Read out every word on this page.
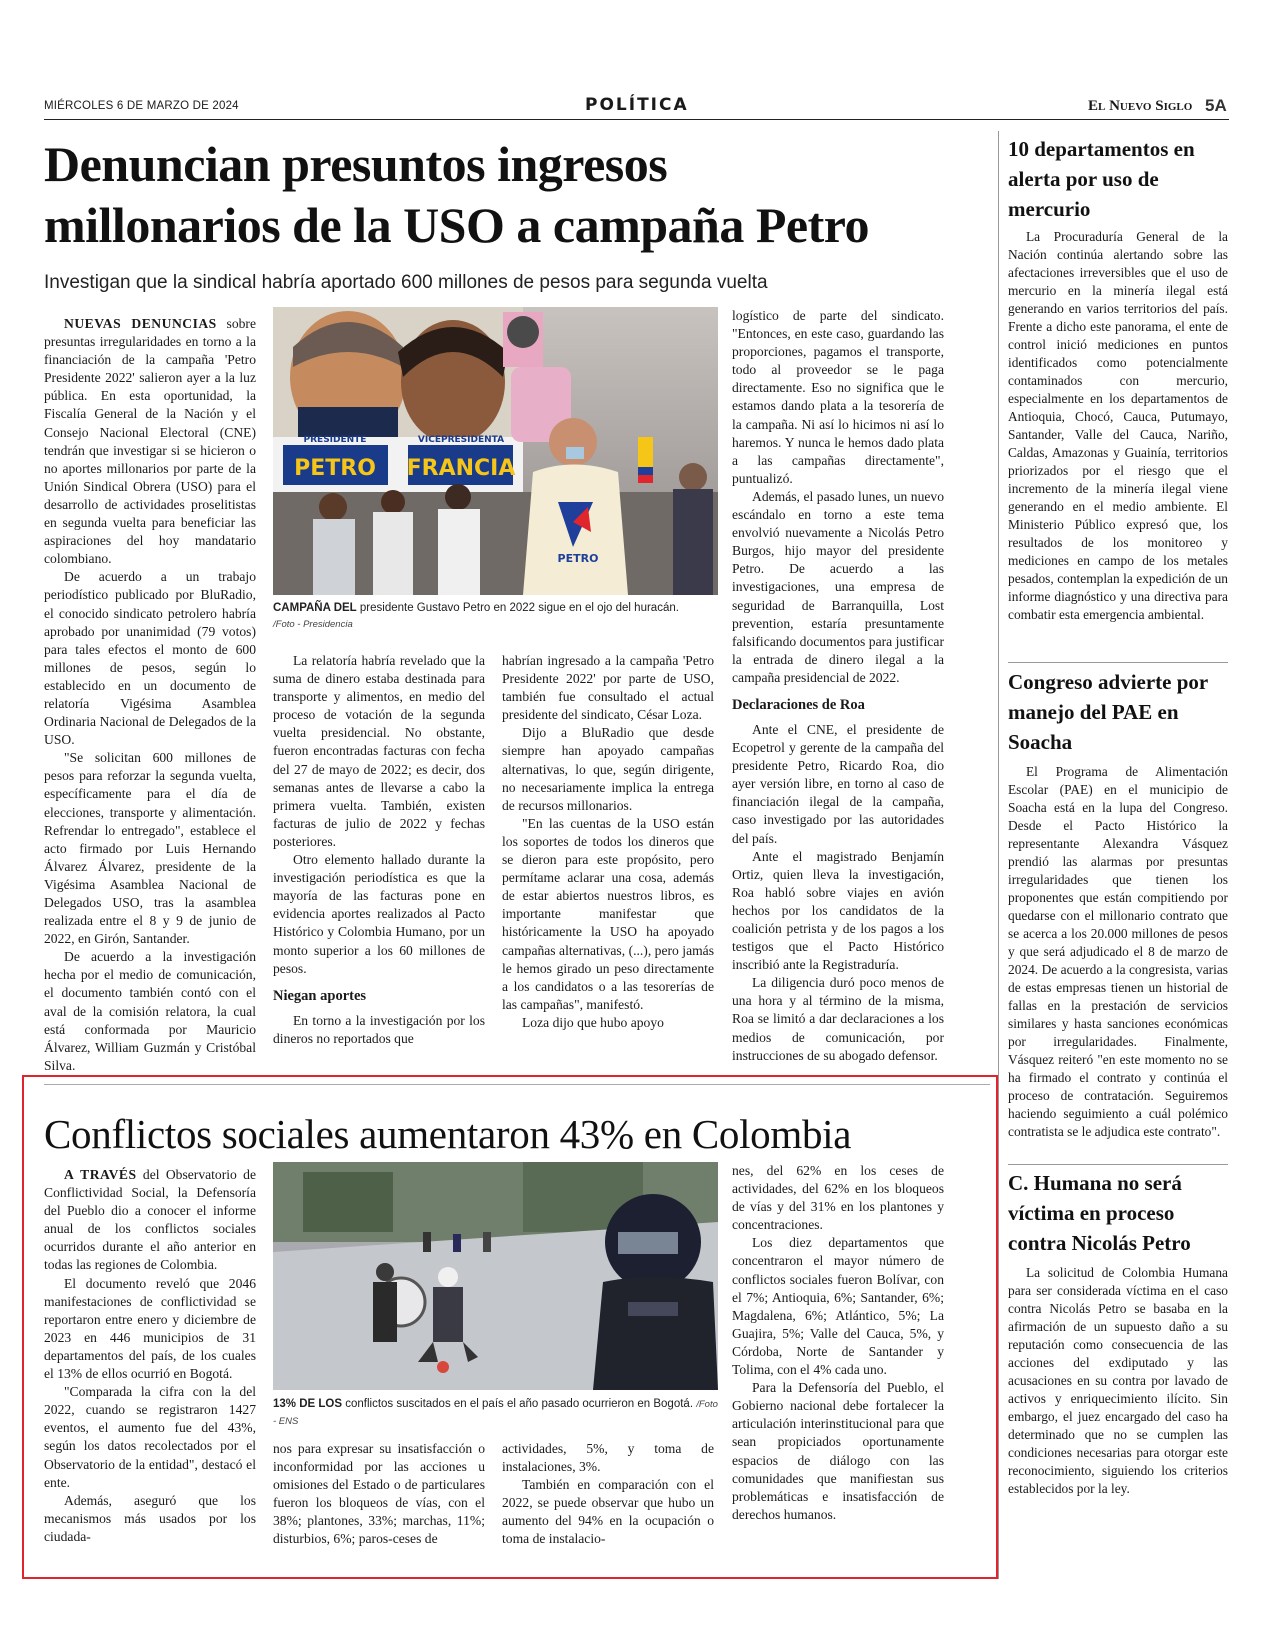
MIÉRCOLES 6 DE MARZO DE 2024	POLÍTICA	El Nuevo Siglo 5A
Denuncian presuntos ingresos
millonarios de la USO a campaña Petro
Investigan que la sindical habría aportado 600 millones de pesos para segunda vuelta

NUEVAS DENUNCIAS sobre presuntas irregularidades en torno a la financiación de la campaña 'Petro Presidente 2022' salieron ayer a la luz pública. En esta oportunidad, la Fiscalía General de la Nación y el Consejo Nacional Electoral (CNE) tendrán que investigar si se hicieron o no aportes millonarios por parte de la Unión Sindical Obrera (USO) para el desarrollo de actividades proselitistas en segunda vuelta para beneficiar las aspiraciones del hoy mandatario colombiano.

De acuerdo a un trabajo periodístico publicado por BluRadio, el conocido sindicato petrolero habría aprobado por unanimidad (79 votos) para tales efectos el monto de 600 millones de pesos, según lo establecido en un documento de relatoría Vigésima Asamblea Ordinaria Nacional de Delegados de la USO.

"Se solicitan 600 millones de pesos para reforzar la segunda vuelta, específicamente para el día de elecciones, transporte y alimentación. Refrendar lo entregado", establece el acto firmado por Luis Hernando Álvarez Álvarez, presidente de la Vigésima Asamblea Nacional de Delegados USO, tras la asamblea realizada entre el 8 y 9 de junio de 2022, en Girón, Santander.

De acuerdo a la investigación hecha por el medio de comunicación, el documento también contó con el aval de la comisión relatora, la cual está conformada por Mauricio Álvarez, William Guzmán y Cristóbal Silva.

PRESIDENTE
PETRO
VICEPRESIDENTA
FRANCIA
PETRO
CAMPAÑA DEL presidente Gustavo Petro en 2022 sigue en el ojo del huracán.
/Foto - Presidencia

La relatoría habría revelado que la suma de dinero estaba destinada para transporte y alimentos, en medio del proceso de votación de la segunda vuelta presidencial. No obstante, fueron encontradas facturas con fecha del 27 de mayo de 2022; es decir, dos semanas antes de llevarse a cabo la primera vuelta. También, existen facturas de julio de 2022 y fechas posteriores.

Otro elemento hallado durante la investigación periodística es que la mayoría de las facturas pone en evidencia aportes realizados al Pacto Histórico y Colombia Humano, por un monto superior a los 60 millones de pesos.

Niegan aportes

En torno a la investigación por los dineros no reportados que

habrían ingresado a la campaña 'Petro Presidente 2022' por parte de USO, también fue consultado el actual presidente del sindicato, César Loza.

Dijo a BluRadio que desde siempre han apoyado campañas alternativas, lo que, según dirigente, no necesariamente implica la entrega de recursos millonarios.

"En las cuentas de la USO están los soportes de todos los dineros que se dieron para este propósito, pero permítame aclarar una cosa, además de estar abiertos nuestros libros, es importante manifestar que históricamente la USO ha apoyado campañas alternativas, (...), pero jamás le hemos girado un peso directamente a los candidatos o a las tesorerías de las campañas", manifestó.

Loza dijo que hubo apoyo

logístico de parte del sindicato. "Entonces, en este caso, guardando las proporciones, pagamos el transporte, todo al proveedor se le paga directamente. Eso no significa que le estamos dando plata a la tesorería de la campaña. Ni así lo hicimos ni así lo haremos. Y nunca le hemos dado plata a las campañas directamente", puntualizó.

Además, el pasado lunes, un nuevo escándalo en torno a este tema envolvió nuevamente a Nicolás Petro Burgos, hijo mayor del presidente Petro. De acuerdo a las investigaciones, una empresa de seguridad de Barranquilla, Lost prevention, estaría presuntamente falsificando documentos para justificar la entrada de dinero ilegal a la campaña presidencial de 2022.

Declaraciones de Roa

Ante el CNE, el presidente de Ecopetrol y gerente de la campaña del presidente Petro, Ricardo Roa, dio ayer versión libre, en torno al caso de financiación ilegal de la campaña, caso investigado por las autoridades del país.

Ante el magistrado Benjamín Ortiz, quien lleva la investigación, Roa habló sobre viajes en avión hechos por los candidatos de la coalición petrista y de los pagos a los testigos que el Pacto Histórico inscribió ante la Registraduría.

La diligencia duró poco menos de una hora y al término de la misma, Roa se limitó a dar declaraciones a los medios de comunicación, por instrucciones de su abogado defensor.

10 departamentos en alerta por uso de mercurio
La Procuraduría General de la Nación continúa alertando sobre las afectaciones irreversibles que el uso de mercurio en la minería ilegal está generando en varios territorios del país. Frente a dicho este panorama, el ente de control inició mediciones en puntos identificados como potencialmente contaminados con mercurio, especialmente en los departamentos de Antioquia, Chocó, Cauca, Putumayo, Santander, Valle del Cauca, Nariño, Caldas, Amazonas y Guainía, territorios priorizados por el riesgo que el incremento de la minería ilegal viene generando en el medio ambiente. El Ministerio Público expresó que, los resultados de los monitoreo y mediciones en campo de los metales pesados, contemplan la expedición de un informe diagnóstico y una directiva para combatir esta emergencia ambiental.
Congreso advierte por manejo del PAE en Soacha
El Programa de Alimentación Escolar (PAE) en el municipio de Soacha está en la lupa del Congreso. Desde el Pacto Histórico la representante Alexandra Vásquez prendió las alarmas por presuntas irregularidades que tienen los proponentes que están compitiendo por quedarse con el millonario contrato que se acerca a los 20.000 millones de pesos y que será adjudicado el 8 de marzo de 2024. De acuerdo a la congresista, varias de estas empresas tienen un historial de fallas en la prestación de servicios similares y hasta sanciones económicas por irregularidades. Finalmente, Vásquez reiteró "en este momento no se ha firmado el contrato y continúa el proceso de contratación. Seguiremos haciendo seguimiento a cuál polémico contratista se le adjudica este contrato".
C. Humana no será víctima en proceso contra Nicolás Petro
La solicitud de Colombia Humana para ser considerada víctima en el caso contra Nicolás Petro se basaba en la afirmación de un supuesto daño a su reputación como consecuencia de las acciones del exdiputado y las acusaciones en su contra por lavado de activos y enriquecimiento ilícito. Sin embargo, el juez encargado del caso ha determinado que no se cumplen las condiciones necesarias para otorgar este reconocimiento, siguiendo los criterios establecidos por la ley.
Conflictos sociales aumentaron 43% en Colombia

A TRAVÉS del Observatorio de Conflictividad Social, la Defensoría del Pueblo dio a conocer el informe anual de los conflictos sociales ocurridos durante el año anterior en todas las regiones de Colombia.

El documento reveló que 2046 manifestaciones de conflictividad se reportaron entre enero y diciembre de 2023 en 446 municipios de 31 departamentos del país, de los cuales el 13% de ellos ocurrió en Bogotá.

"Comparada la cifra con la del 2022, cuando se registraron 1427 eventos, el aumento fue del 43%, según los datos recolectados por el Observatorio de la entidad", destacó el ente.

Además, aseguró que los mecanismos más usados por los ciudada-

13% DE LOS conflictos suscitados en el país el año pasado ocurrieron en Bogotá. /Foto - ENS

nos para expresar su insatisfacción o inconformidad por las acciones u omisiones del Estado o de particulares fueron los bloqueos de vías, con el 38%; plantones, 33%; marchas, 11%; disturbios, 6%; paros-ceses de

actividades, 5%, y toma de instalaciones, 3%.

También en comparación con el 2022, se puede observar que hubo un aumento del 94% en la ocupación o toma de instalacio-

nes, del 62% en los ceses de actividades, del 62% en los bloqueos de vías y del 31% en los plantones y concentraciones.

Los diez departamentos que concentraron el mayor número de conflictos sociales fueron Bolívar, con el 7%; Antioquia, 6%; Santander, 6%; Magdalena, 6%; Atlántico, 5%; La Guajira, 5%; Valle del Cauca, 5%, y Córdoba, Norte de Santander y Tolima, con el 4% cada uno.

Para la Defensoría del Pueblo, el Gobierno nacional debe fortalecer la articulación interinstitucional para que sean propiciados oportunamente espacios de diálogo con las comunidades que manifiestan sus problemáticas e insatisfacción de derechos humanos.
